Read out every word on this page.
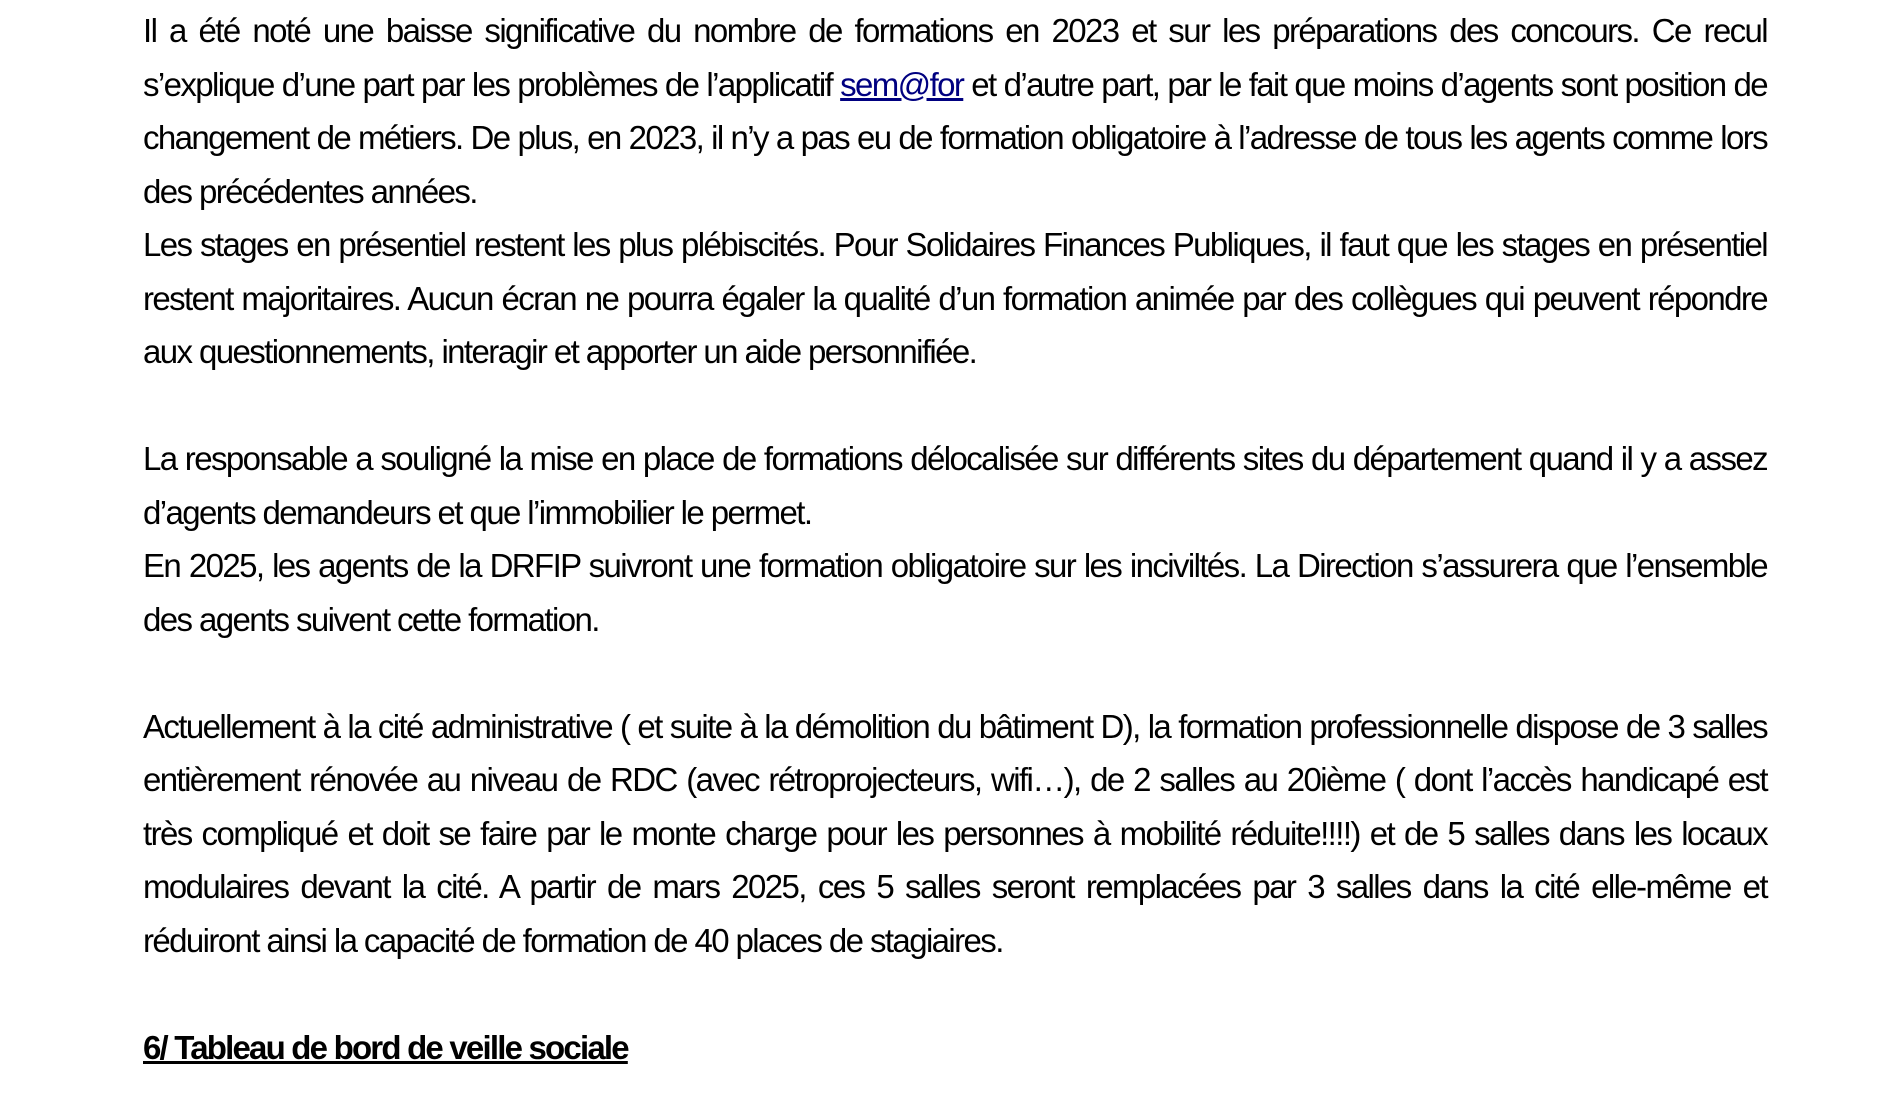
Il a été noté une baisse significative du nombre de formations en 2023 et sur les préparations des concours. Ce recul s’explique d’une part par les problèmes de l’applicatif sem@for et d’autre part, par le fait que moins d’agents sont position de changement de métiers. De plus, en 2023, il n’y a pas eu de formation obligatoire à l’adresse de tous les agents comme lors des précédentes années.

Les stages en présentiel restent les plus plébiscités. Pour Solidaires Finances Publiques, il faut que les stages en présentiel restent majoritaires. Aucun écran ne pourra égaler la qualité d’un formation animée par des collègues qui peuvent répondre aux questionnements, interagir et apporter un aide personnifiée.

La responsable a souligné la mise en place de formations délocalisée sur différents sites du département quand il y a assez d’agents demandeurs et que l’immobilier le permet.

En 2025, les agents de la DRFIP suivront une formation obligatoire sur les inciviltés. La Direction s’assurera que l’ensemble des agents suivent cette formation.

Actuellement à la cité administrative ( et suite à la démolition du bâtiment D), la formation professionnelle dispose de 3 salles entièrement rénovée au niveau de RDC (avec rétroprojecteurs, wifi…), de 2 salles au 20ième ( dont l’accès handicapé est très compliqué et doit se faire par le monte charge pour les personnes à mobilité réduite!!!!) et de 5 salles dans les locaux modulaires devant la cité. A partir de mars 2025, ces 5 salles seront remplacées par 3 salles dans la cité elle-même et réduiront ainsi la capacité de formation de 40 places de stagiaires.

6/ Tableau de bord de veille sociale
